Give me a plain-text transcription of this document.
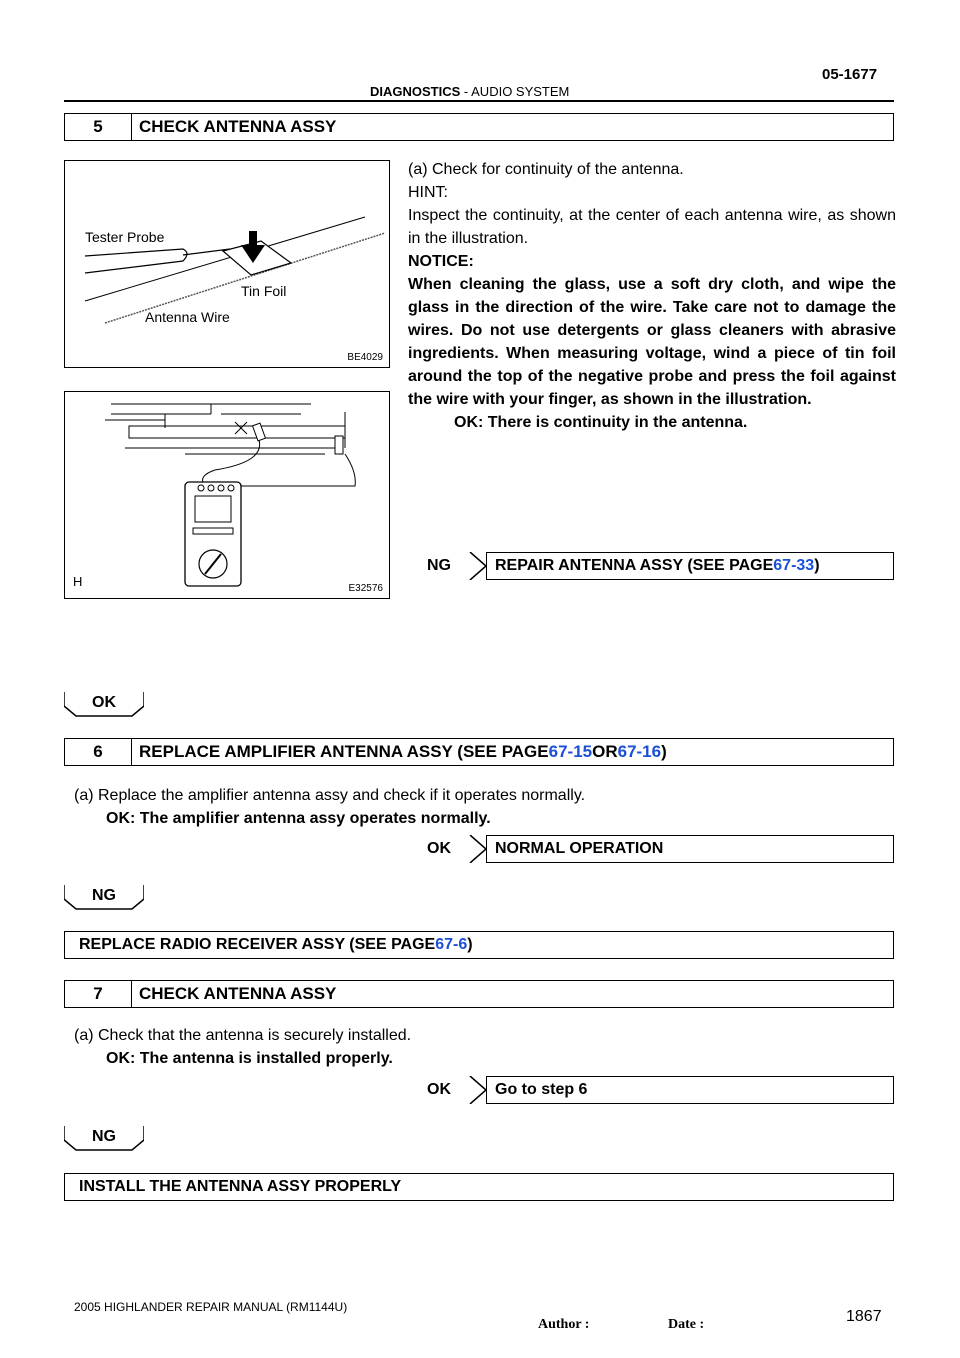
05-1677
DIAGNOSTICS - AUDIO SYSTEM
5	CHECK ANTENNA ASSY
Tester Probe
Tin Foil
Antenna Wire
BE4029
H	E32576
(a) Check for continuity of the antenna.
HINT:
Inspect the continuity, at the center of each antenna wire, as shown in the illustration.
NOTICE:
When cleaning the glass, use a soft dry cloth, and wipe the glass in the direction of the wire. Take care not to damage the wires. Do not use detergents or glass cleaners with abrasive ingredients. When measuring voltage, wind a piece of tin foil around the top of the negative probe and press the foil against the wire with your finger, as shown in the illustration.
OK: There is continuity in the antenna.
NG	REPAIR ANTENNA ASSY (SEE PAGE 67-33 )
OK
6	REPLACE AMPLIFIER ANTENNA ASSY (SEE PAGE 67-15 OR 67-16 )
(a) Replace the amplifier antenna assy and check if it operates normally.
OK: The amplifier antenna assy operates normally.
OK	NORMAL OPERATION
NG
REPLACE RADIO RECEIVER ASSY (SEE PAGE 67-6 )
7	CHECK ANTENNA ASSY
(a) Check that the antenna is securely installed.
OK: The antenna is installed properly.
OK	Go to step 6
NG
INSTALL THE ANTENNA ASSY PROPERLY
2005 HIGHLANDER REPAIR MANUAL (RM1144U)
1867
Author :	Date :
